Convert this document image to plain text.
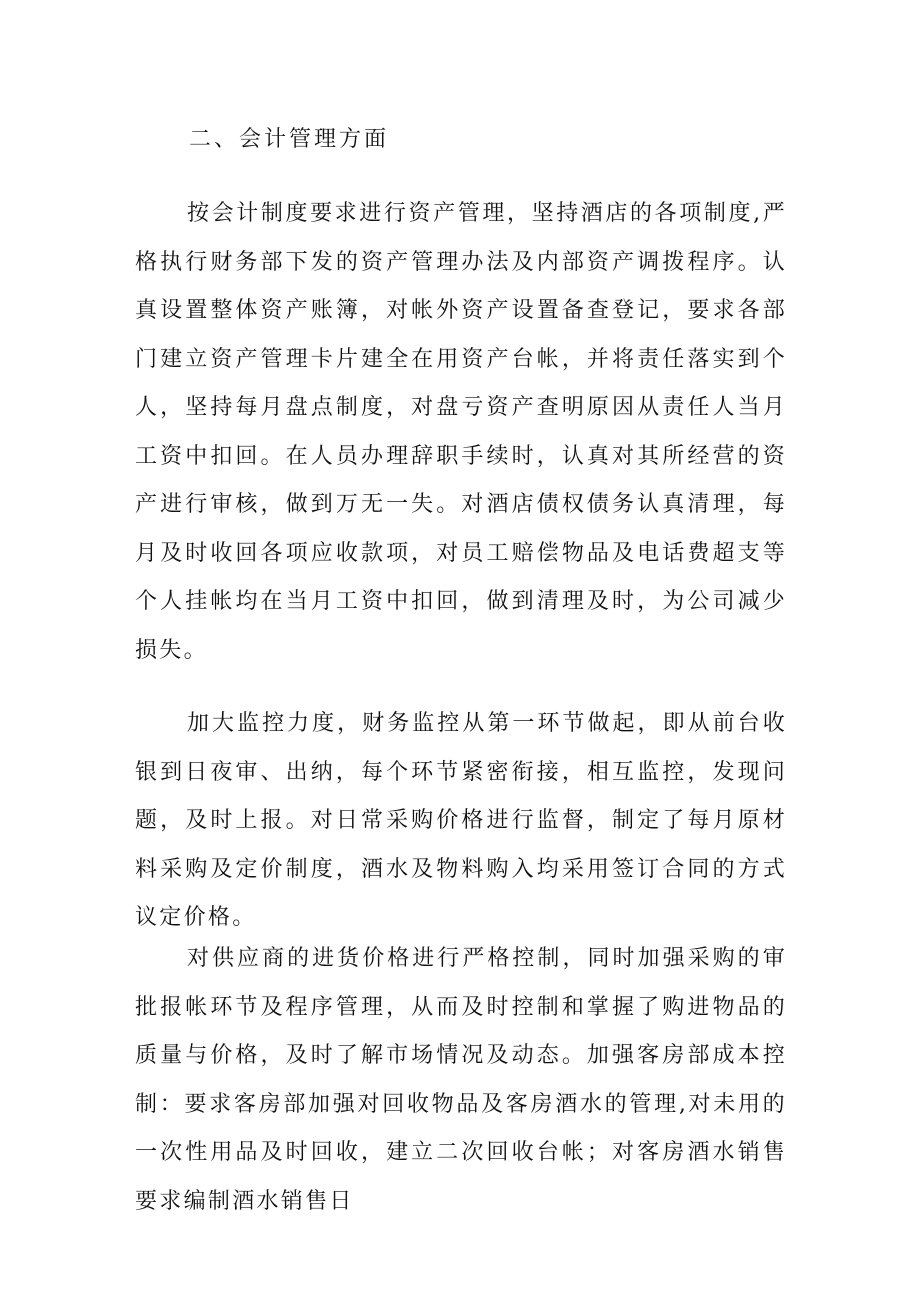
二、会计管理方面

按会计制度要求进行资产管理，坚持酒店的各项制度,严格执行财务部下发的资产管理办法及内部资产调拨程序。认真设置整体资产账簿，对帐外资产设置备查登记，要求各部门建立资产管理卡片建全在用资产台帐，并将责任落实到个人，坚持每月盘点制度，对盘亏资产查明原因从责任人当月工资中扣回。在人员办理辞职手续时，认真对其所经营的资产进行审核，做到万无一失。对酒店债权债务认真清理，每月及时收回各项应收款项，对员工赔偿物品及电话费超支等个人挂帐均在当月工资中扣回，做到清理及时，为公司减少损失。

加大监控力度，财务监控从第一环节做起，即从前台收银到日夜审、出纳，每个环节紧密衔接，相互监控，发现问题，及时上报。对日常采购价格进行监督，制定了每月原材料采购及定价制度，酒水及物料购入均采用签订合同的方式议定价格。

对供应商的进货价格进行严格控制，同时加强采购的审批报帐环节及程序管理，从而及时控制和掌握了购进物品的质量与价格，及时了解市场情况及动态。加强客房部成本控制：要求客房部加强对回收物品及客房酒水的管理,对未用的一次性用品及时回收，建立二次回收台帐；对客房酒水销售要求编制酒水销售日
